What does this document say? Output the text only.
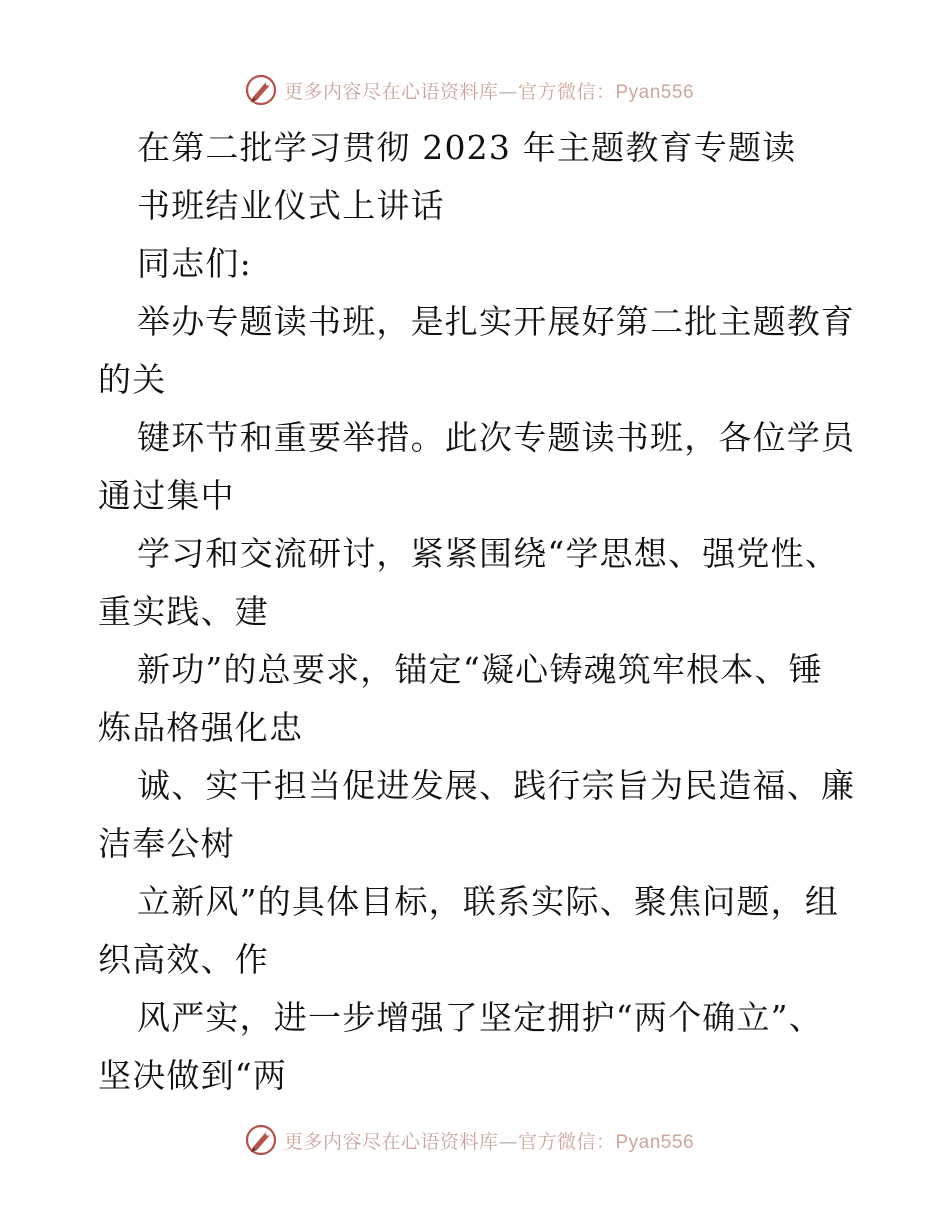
更多内容尽在心语资料库—官方微信：Pyan556
在第二批学习贯彻 2023 年主题教育专题读
书班结业仪式上讲话
同志们:
举办专题读书班，是扎实开展好第二批主题教育
的关
键环节和重要举措。此次专题读书班，各位学员
通过集中
学习和交流研讨，紧紧围绕“学思想、强党性、
重实践、建
新功”的总要求，锚定“凝心铸魂筑牢根本、锤
炼品格强化忠
诚、实干担当促进发展、践行宗旨为民造福、廉
洁奉公树
立新风”的具体目标，联系实际、聚焦问题，组
织高效、作
风严实，进一步增强了坚定拥护“两个确立”、
坚决做到“两
更多内容尽在心语资料库—官方微信：Pyan556
